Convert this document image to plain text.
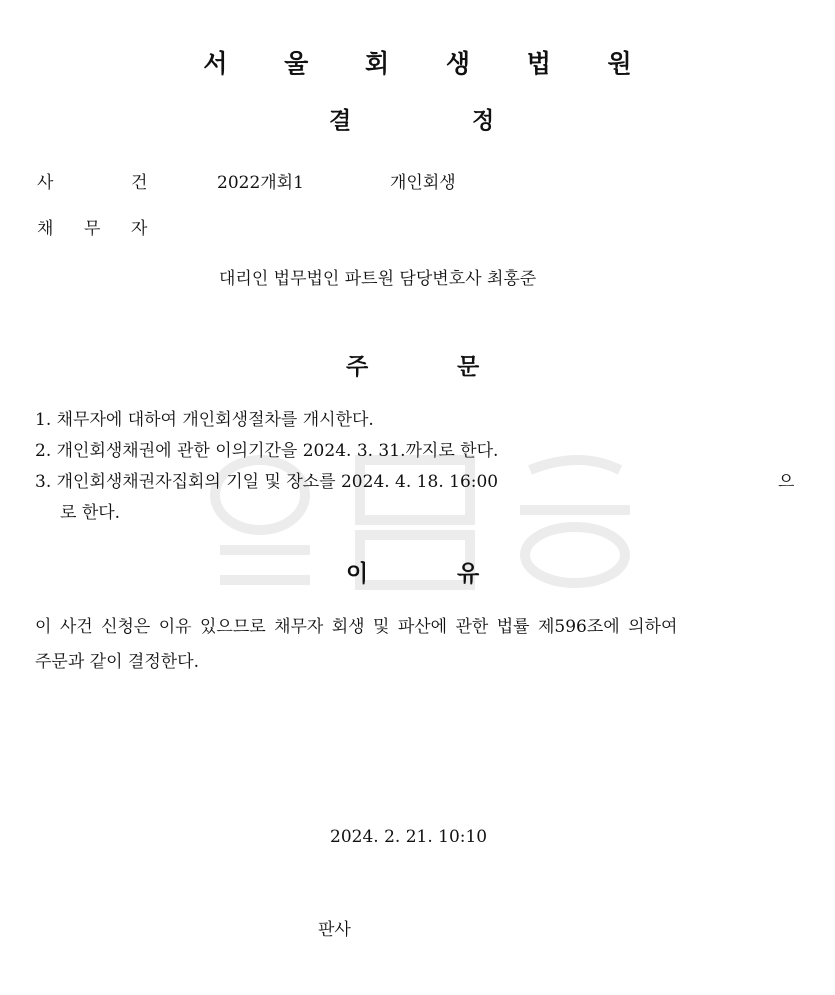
서 울 회 생 법 원
결	정
사	건	2022개회1	개인회생
채 무 자
대리인 법무법인 파트원 담당변호사 최홍준
주	문
1. 채무자에 대하여 개인회생절차를 개시한다.
2. 개인회생채권에 관한 이의기간을 2024. 3. 31.까지로 한다.
3. 개인회생채권자집회의 기일 및 장소를 2024. 4. 18. 16:00	으
로 한다.
이	유
이 사건 신청은 이유 있으므로 채무자 회생 및 파산에 관한 법률 제596조에 의하여
주문과 같이 결정한다.
2024. 2. 21. 10:10
판사
